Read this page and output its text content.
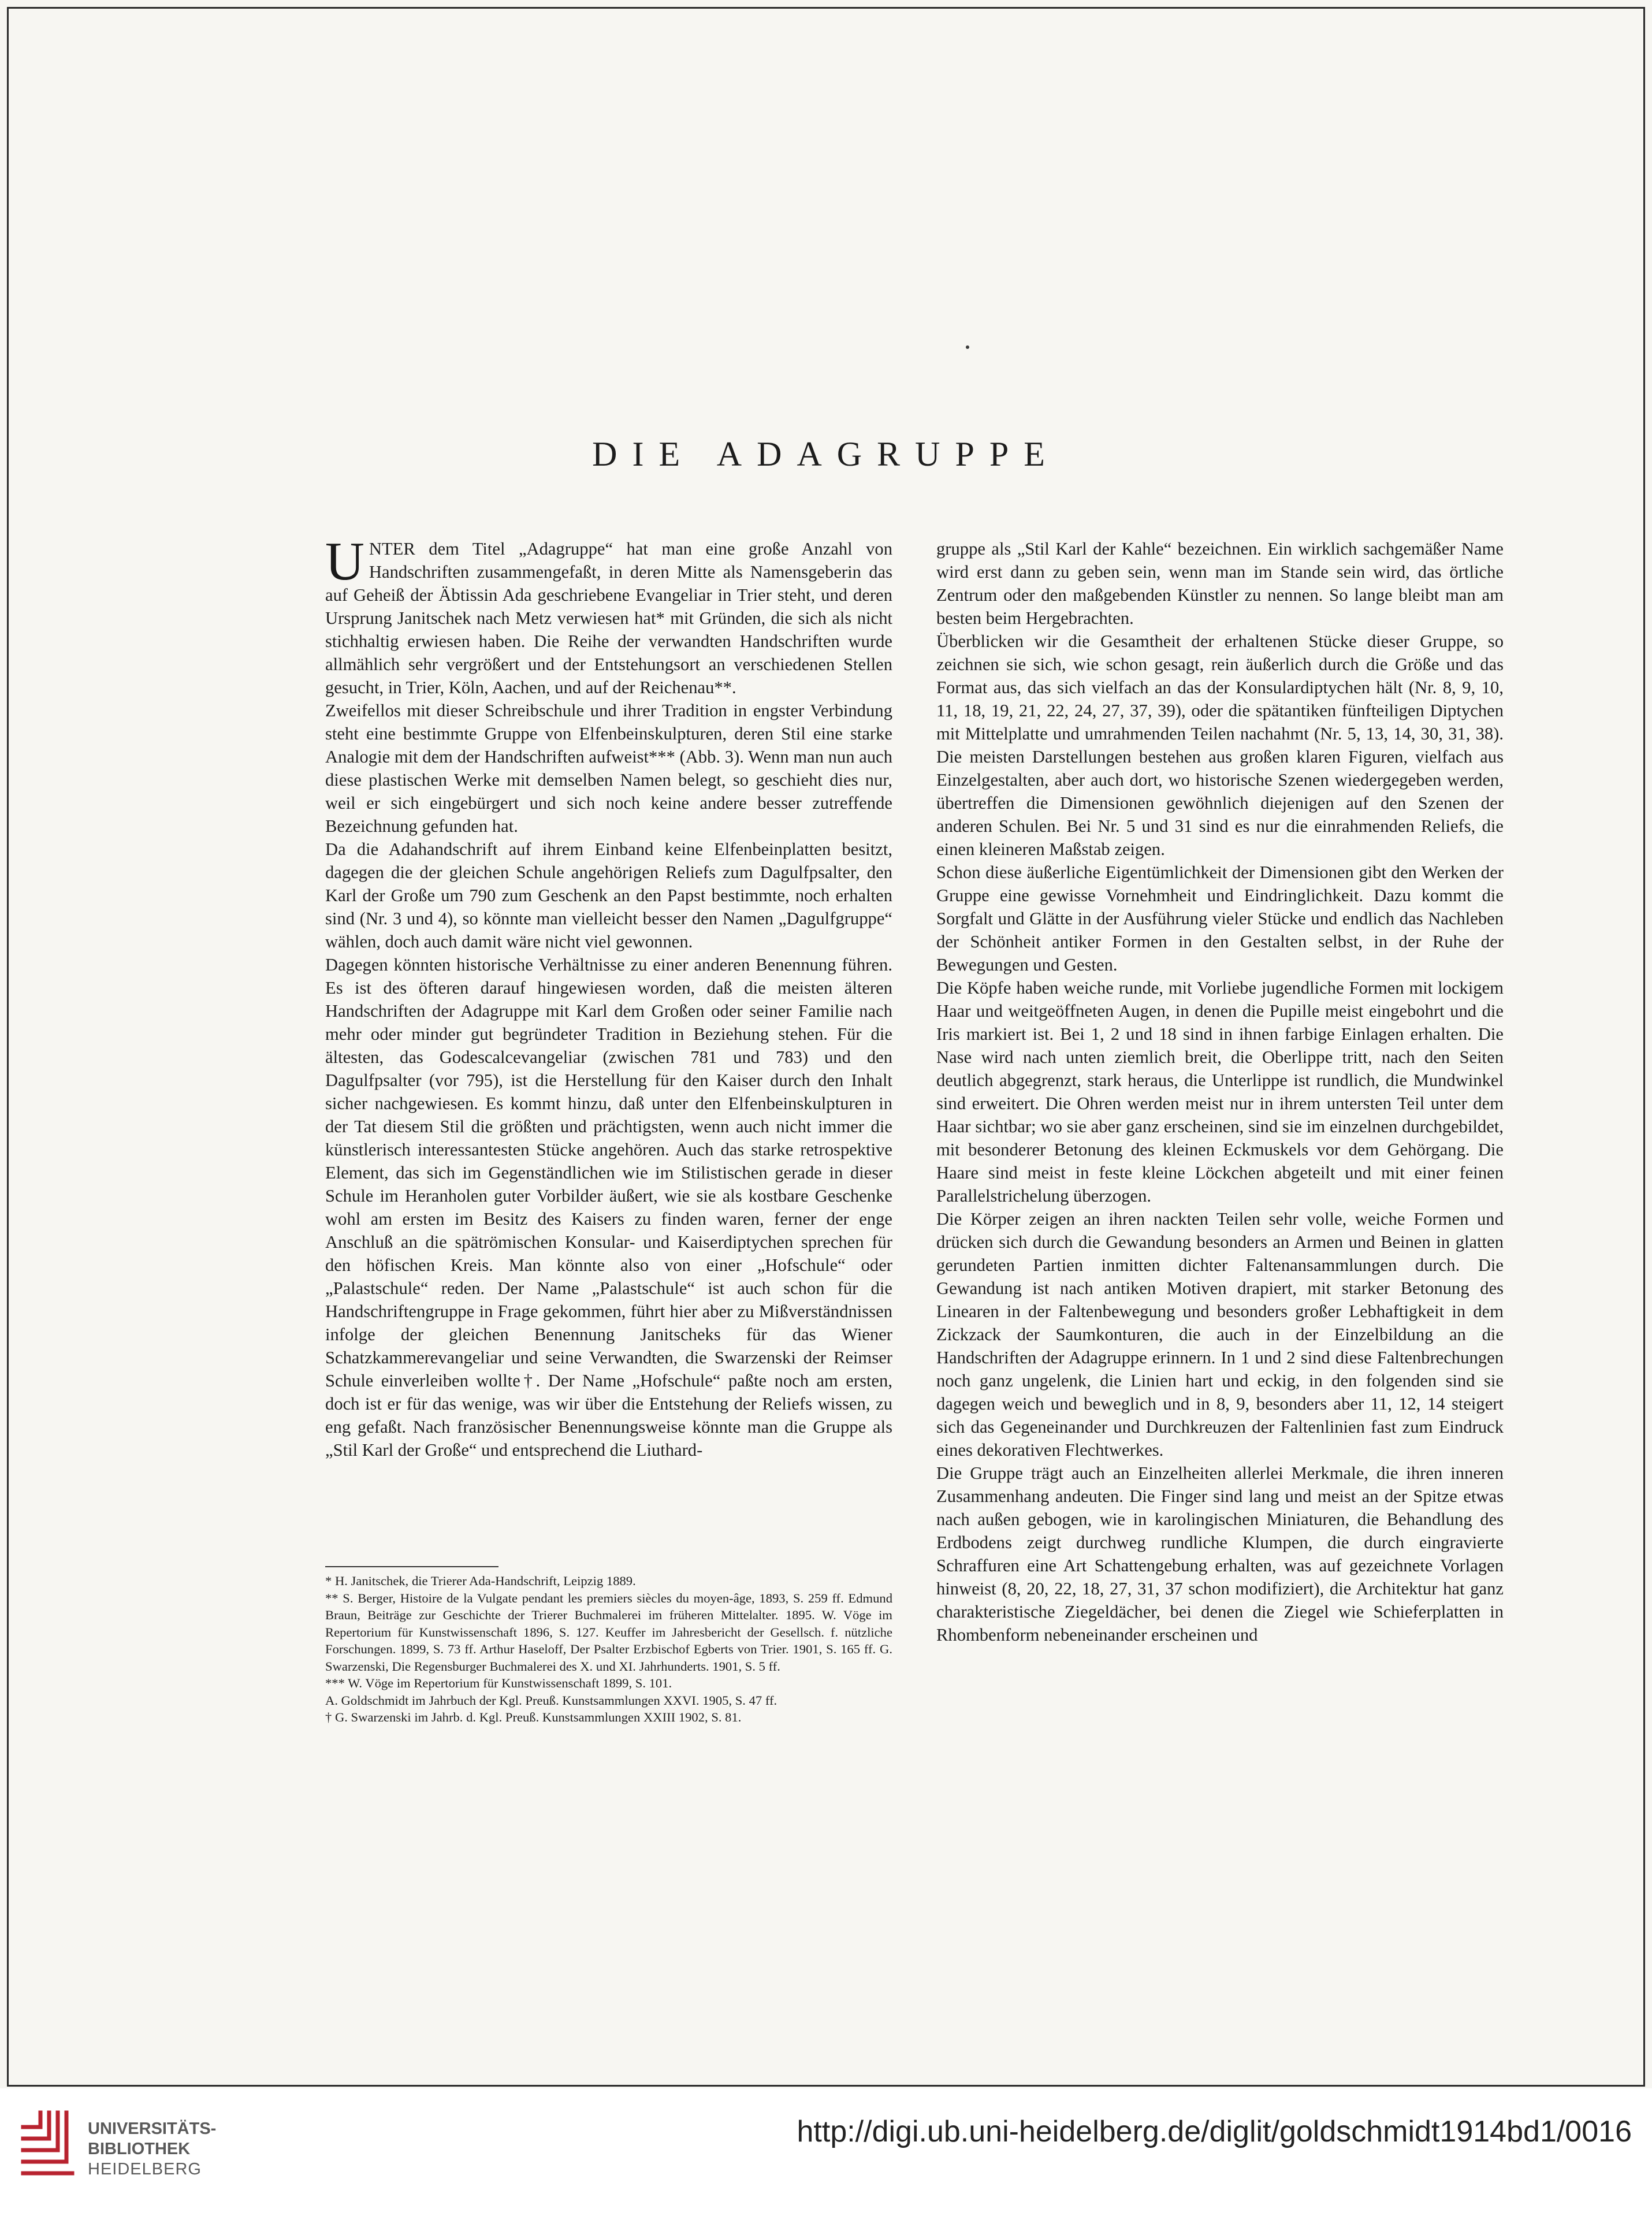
DIE ADAGRUPPE

UNTER dem Titel „Adagruppe“ hat man eine große Anzahl von Handschriften zusammengefaßt, in deren Mitte als Namensgeberin das auf Geheiß der Äbtissin Ada geschriebene Evangeliar in Trier steht, und deren Ursprung Janitschek nach Metz verwiesen hat* mit Gründen, die sich als nicht stichhaltig erwiesen haben. Die Reihe der verwandten Handschriften wurde allmählich sehr vergrößert und der Entstehungsort an verschiedenen Stellen gesucht, in Trier, Köln, Aachen, und auf der Reichenau**.

Zweifellos mit dieser Schreibschule und ihrer Tradition in engster Verbindung steht eine bestimmte Gruppe von Elfenbeinskulpturen, deren Stil eine starke Analogie mit dem der Handschriften aufweist*** (Abb. 3). Wenn man nun auch diese plastischen Werke mit demselben Namen belegt, so geschieht dies nur, weil er sich eingebürgert und sich noch keine andere besser zutreffende Bezeichnung gefunden hat.

Da die Adahandschrift auf ihrem Einband keine Elfenbeinplatten besitzt, dagegen die der gleichen Schule angehörigen Reliefs zum Dagulfpsalter, den Karl der Große um 790 zum Geschenk an den Papst bestimmte, noch erhalten sind (Nr. 3 und 4), so könnte man vielleicht besser den Namen „Dagulfgruppe“ wählen, doch auch damit wäre nicht viel gewonnen.

Dagegen könnten historische Verhältnisse zu einer anderen Benennung führen. Es ist des öfteren darauf hingewiesen worden, daß die meisten älteren Handschriften der Adagruppe mit Karl dem Großen oder seiner Familie nach mehr oder minder gut begründeter Tradition in Beziehung stehen. Für die ältesten, das Godescalcevangeliar (zwischen 781 und 783) und den Dagulfpsalter (vor 795), ist die Herstellung für den Kaiser durch den Inhalt sicher nachgewiesen. Es kommt hinzu, daß unter den Elfenbeinskulpturen in der Tat diesem Stil die größten und prächtigsten, wenn auch nicht immer die künstlerisch interessantesten Stücke angehören. Auch das starke retrospektive Element, das sich im Gegenständlichen wie im Stilistischen gerade in dieser Schule im Heranholen guter Vorbilder äußert, wie sie als kostbare Geschenke wohl am ersten im Besitz des Kaisers zu finden waren, ferner der enge Anschluß an die spätrömischen Konsular- und Kaiserdiptychen sprechen für den höfischen Kreis. Man könnte also von einer „Hofschule“ oder „Palastschule“ reden. Der Name „Palastschule“ ist auch schon für die Handschriftengruppe in Frage gekommen, führt hier aber zu Mißverständnissen infolge der gleichen Benennung Janitscheks für das Wiener Schatzkammerevangeliar und seine Verwandten, die Swarzenski der Reimser Schule einverleiben wollte†. Der Name „Hofschule“ paßte noch am ersten, doch ist er für das wenige, was wir über die Entstehung der Reliefs wissen, zu eng gefaßt. Nach französischer Benennungsweise könnte man die Gruppe als „Stil Karl der Große“ und entsprechend die Liuthard-

gruppe als „Stil Karl der Kahle“ bezeichnen. Ein wirklich sachgemäßer Name wird erst dann zu geben sein, wenn man im Stande sein wird, das örtliche Zentrum oder den maßgebenden Künstler zu nennen. So lange bleibt man am besten beim Hergebrachten.

Überblicken wir die Gesamtheit der erhaltenen Stücke dieser Gruppe, so zeichnen sie sich, wie schon gesagt, rein äußerlich durch die Größe und das Format aus, das sich vielfach an das der Konsulardiptychen hält (Nr. 8, 9, 10, 11, 18, 19, 21, 22, 24, 27, 37, 39), oder die spätantiken fünfteiligen Diptychen mit Mittelplatte und umrahmenden Teilen nachahmt (Nr. 5, 13, 14, 30, 31, 38). Die meisten Darstellungen bestehen aus großen klaren Figuren, vielfach aus Einzelgestalten, aber auch dort, wo historische Szenen wiedergegeben werden, übertreffen die Dimensionen gewöhnlich diejenigen auf den Szenen der anderen Schulen. Bei Nr. 5 und 31 sind es nur die einrahmenden Reliefs, die einen kleineren Maßstab zeigen.

Schon diese äußerliche Eigentümlichkeit der Dimensionen gibt den Werken der Gruppe eine gewisse Vornehmheit und Eindringlichkeit. Dazu kommt die Sorgfalt und Glätte in der Ausführung vieler Stücke und endlich das Nachleben der Schönheit antiker Formen in den Gestalten selbst, in der Ruhe der Bewegungen und Gesten.

Die Köpfe haben weiche runde, mit Vorliebe jugendliche Formen mit lockigem Haar und weitgeöffneten Augen, in denen die Pupille meist eingebohrt und die Iris markiert ist. Bei 1, 2 und 18 sind in ihnen farbige Einlagen erhalten. Die Nase wird nach unten ziemlich breit, die Oberlippe tritt, nach den Seiten deutlich abgegrenzt, stark heraus, die Unterlippe ist rundlich, die Mundwinkel sind erweitert. Die Ohren werden meist nur in ihrem untersten Teil unter dem Haar sichtbar; wo sie aber ganz erscheinen, sind sie im einzelnen durchgebildet, mit besonderer Betonung des kleinen Eckmuskels vor dem Gehörgang. Die Haare sind meist in feste kleine Löckchen abgeteilt und mit einer feinen Parallelstrichelung überzogen.

Die Körper zeigen an ihren nackten Teilen sehr volle, weiche Formen und drücken sich durch die Gewandung besonders an Armen und Beinen in glatten gerundeten Partien inmitten dichter Faltenansammlungen durch. Die Gewandung ist nach antiken Motiven drapiert, mit starker Betonung des Linearen in der Faltenbewegung und besonders großer Lebhaftigkeit in dem Zickzack der Saumkonturen, die auch in der Einzelbildung an die Handschriften der Adagruppe erinnern. In 1 und 2 sind diese Faltenbrechungen noch ganz ungelenk, die Linien hart und eckig, in den folgenden sind sie dagegen weich und beweglich und in 8, 9, besonders aber 11, 12, 14 steigert sich das Gegeneinander und Durchkreuzen der Faltenlinien fast zum Eindruck eines dekorativen Flechtwerkes.

Die Gruppe trägt auch an Einzelheiten allerlei Merkmale, die ihren inneren Zusammenhang andeuten. Die Finger sind lang und meist an der Spitze etwas nach außen gebogen, wie in karolingischen Miniaturen, die Behandlung des Erdbodens zeigt durchweg rundliche Klumpen, die durch eingravierte Schraffuren eine Art Schattengebung erhalten, was auf gezeichnete Vorlagen hinweist (8, 20, 22, 18, 27, 31, 37 schon modifiziert), die Architektur hat ganz charakteristische Ziegeldächer, bei denen die Ziegel wie Schieferplatten in Rhombenform nebeneinander erscheinen und

* H. Janitschek, die Trierer Ada-Handschrift, Leipzig 1889.
** S. Berger, Histoire de la Vulgate pendant les premiers siècles du moyen-âge, 1893, S. 259 ff. Edmund Braun, Beiträge zur Geschichte der Trierer Buchmalerei im früheren Mittelalter. 1895. W. Vöge im Repertorium für Kunstwissenschaft 1896, S. 127. Keuffer im Jahresbericht der Gesellsch. f. nützliche Forschungen. 1899, S. 73 ff. Arthur Haseloff, Der Psalter Erzbischof Egberts von Trier. 1901, S. 165 ff. G. Swarzenski, Die Regensburger Buchmalerei des X. und XI. Jahrhunderts. 1901, S. 5 ff.
*** W. Vöge im Repertorium für Kunstwissenschaft 1899, S. 101.
A. Goldschmidt im Jahrbuch der Kgl. Preuß. Kunstsammlungen XXVI. 1905, S. 47 ff.
† G. Swarzenski im Jahrb. d. Kgl. Preuß. Kunstsammlungen XXIII 1902, S. 81.
UNIVERSITÄTS-
BIBLIOTHEK
HEIDELBERG
http://digi.ub.uni-heidelberg.de/diglit/goldschmidt1914bd1/0016
